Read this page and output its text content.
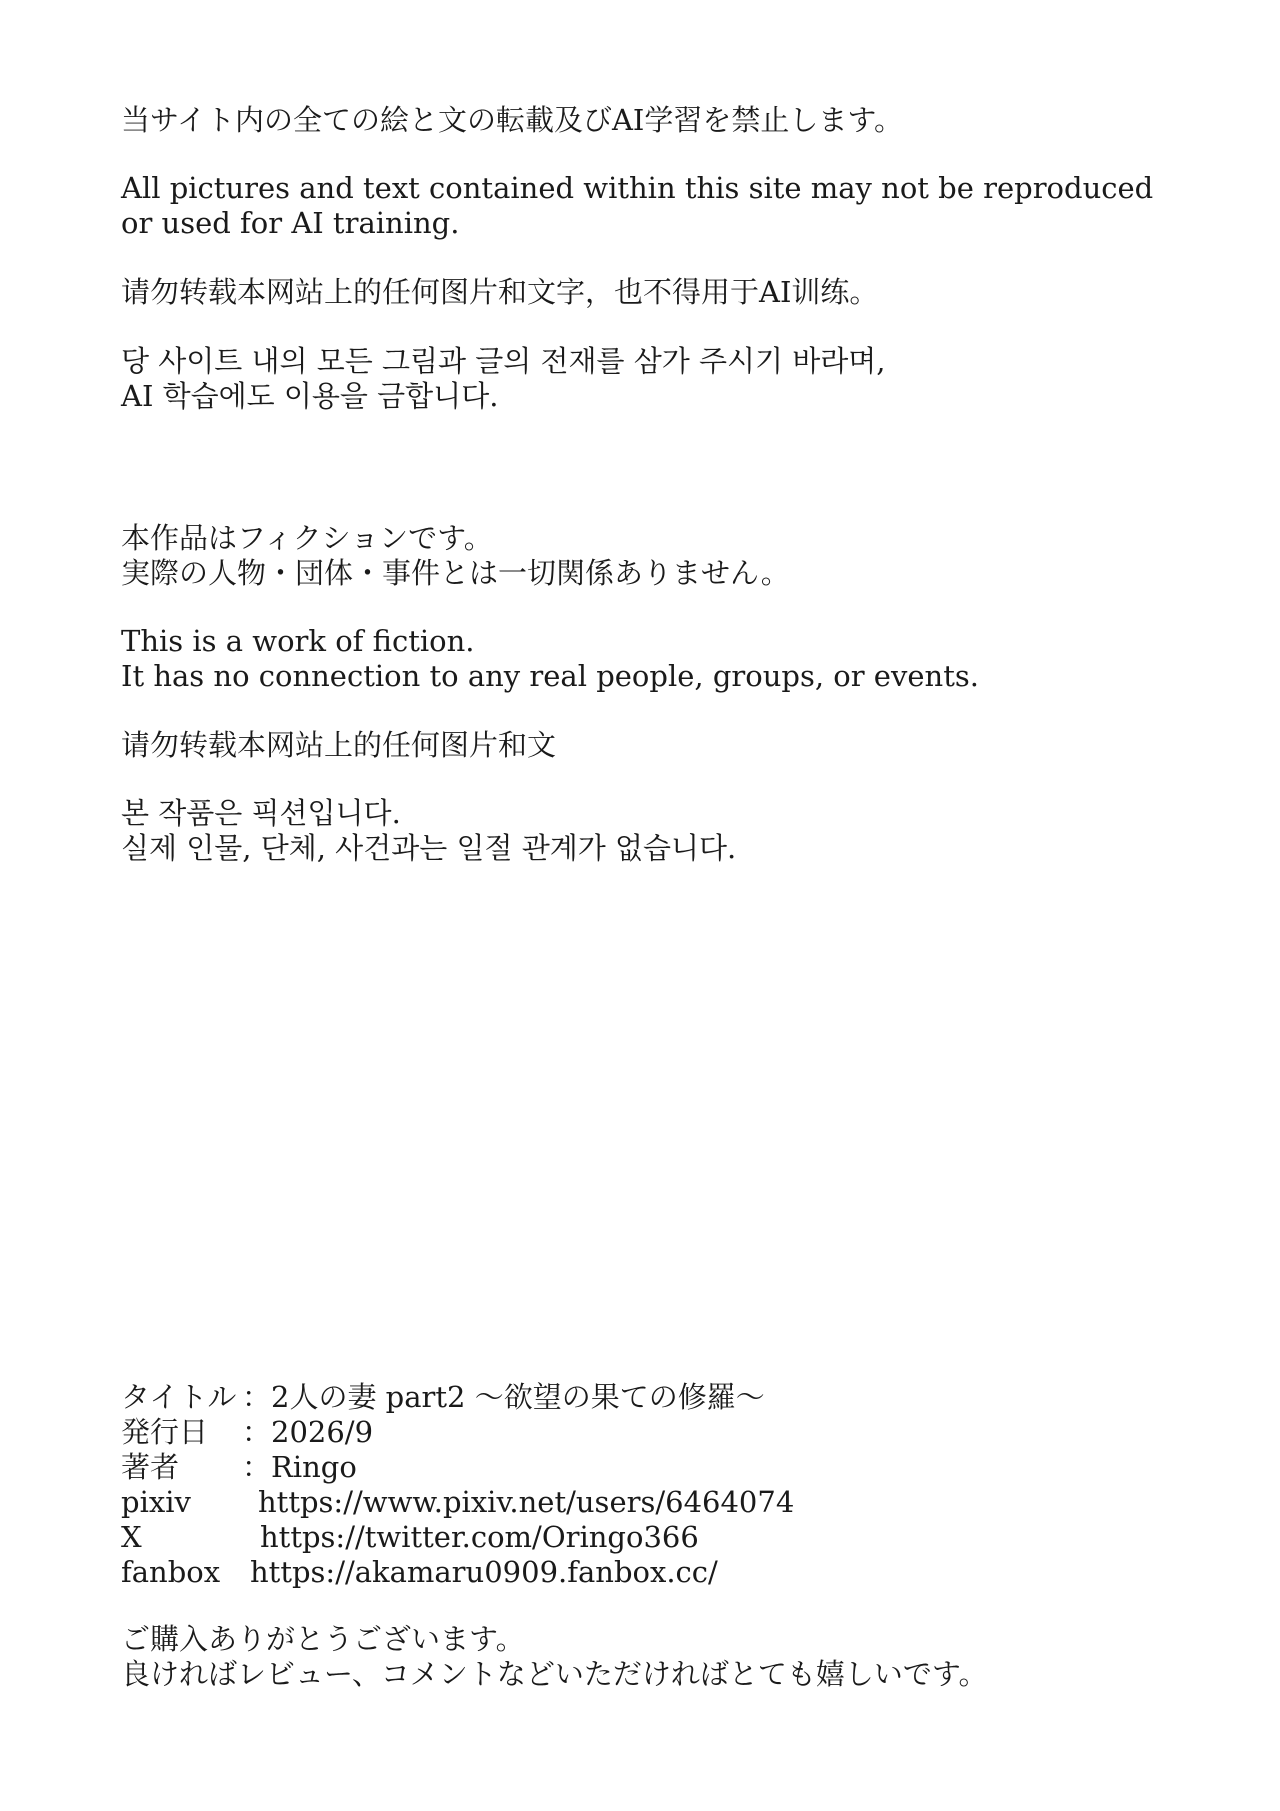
当サイト内の全ての絵と文の転載及びAI学習を禁止します。
All pictures and text contained within this site may not be reproduced
or used for AI training.
请勿转载本网站上的任何图片和文字，也不得用于AI训练。
당 사이트 내의 모든 그림과 글의 전재를 삼가 주시기 바라며,
AI 학습에도 이용을 금합니다.
本作品はフィクションです。
実際の人物・団体・事件とは一切関係ありません。
This is a work of fiction.
It has no connection to any real people, groups, or events.
请勿转载本网站上的任何图片和文
본 작품은 픽션입니다.
실제 인물, 단체, 사건과는 일절 관계가 없습니다.
タイトル ：2人の妻 part2 ～欲望の果ての修羅～
発行日	：2026/9
著者	：Ringo
pixiv	https://www.pixiv.net/users/6464074
X	https://twitter.com/Oringo366
fanbox	https://akamaru0909.fanbox.cc/
ご購入ありがとうございます。
良ければレビュー、コメントなどいただければとても嬉しいです。
